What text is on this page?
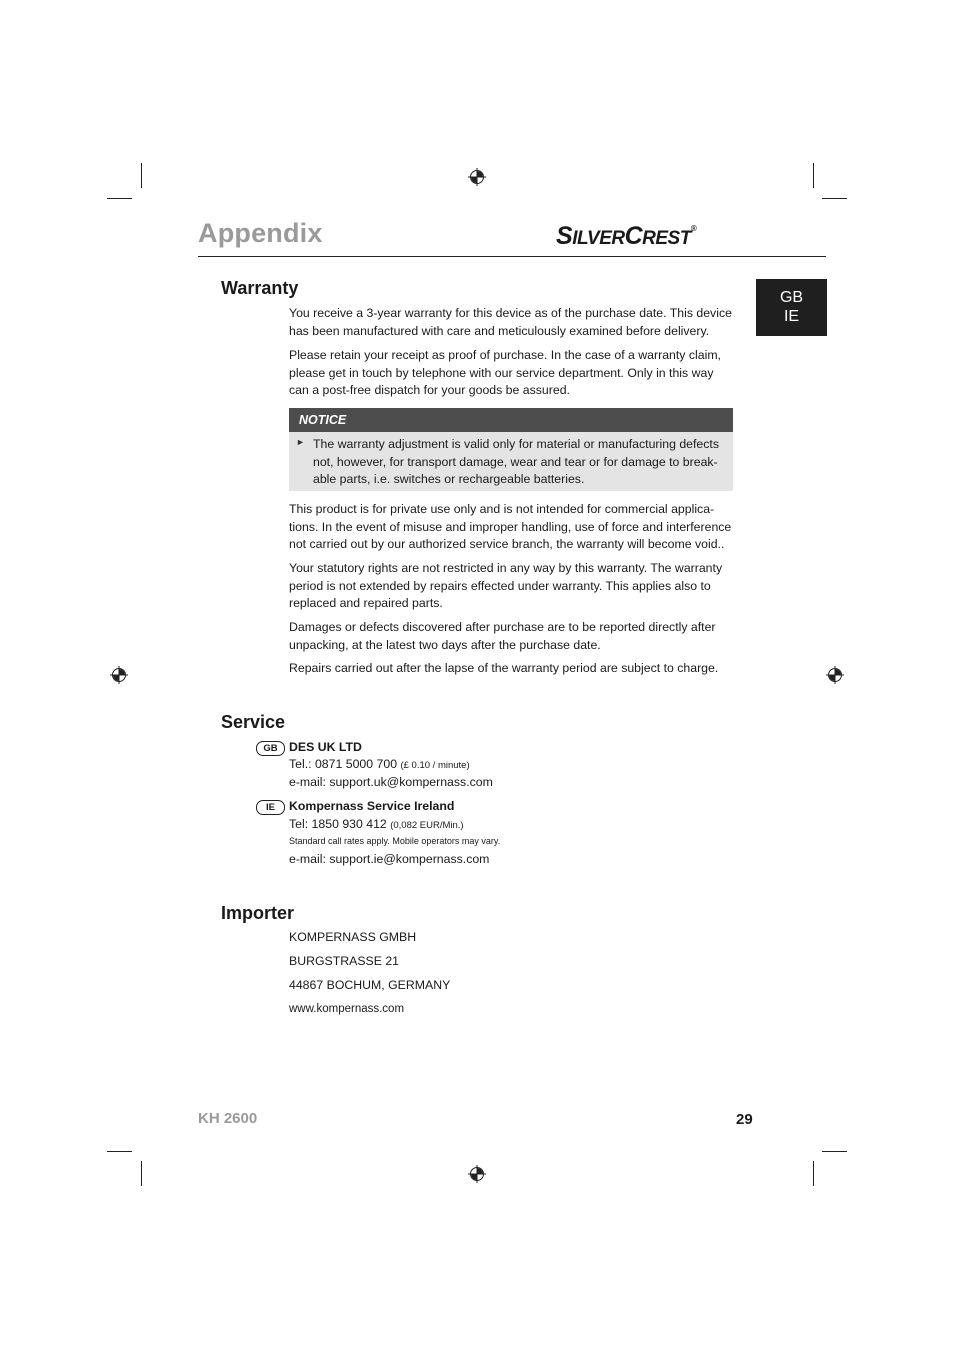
Appendix	SILVERCREST®
GB
IE
Warranty
You receive a 3-year warranty for this device as of the purchase date. This device has been manufactured with care and meticulously examined before delivery.
Please retain your receipt as proof of purchase. In the case of a warranty claim, please get in touch by telephone with our service department. Only in this way can a post-free dispatch for your goods be assured.
NOTICE
► The warranty adjustment is valid only for material or manufacturing defects not, however, for transport damage, wear and tear or for damage to break-able parts, i.e. switches or rechargeable batteries.
This product is for private use only and is not intended for commercial applica-tions. In the event of misuse and improper handling, use of force and interference not carried out by our authorized service branch, the warranty will become void..
Your statutory rights are not restricted in any way by this warranty. The warranty period is not extended by repairs effected under warranty. This applies also to replaced and repaired parts.
Damages or defects discovered after purchase are to be reported directly after unpacking, at the latest two days after the purchase date.
Repairs carried out after the lapse of the warranty period are subject to charge.
Service
GB DES UK LTD
Tel.: 0871 5000 700 (£ 0.10 / minute)
e-mail: support.uk@kompernass.com
IE	Kompernass Service Ireland
Tel: 1850 930 412 (0,082 EUR/Min.)
Standard call rates apply. Mobile operators may vary.
e-mail: support.ie@kompernass.com
Importer
KOMPERNASS GMBH
BURGSTRASSE 21
44867 BOCHUM, GERMANY
www.kompernass.com
KH 2600	29
